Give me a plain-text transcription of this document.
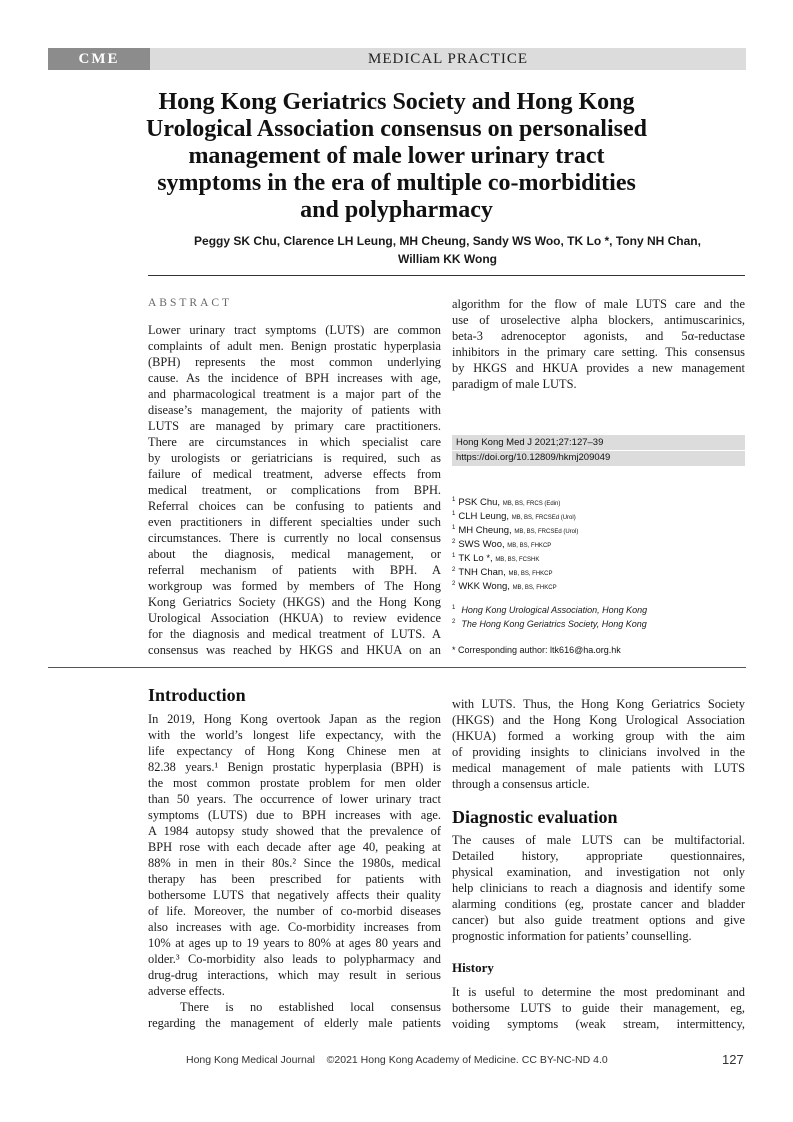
CME	MEDICAL PRACTICE
Hong Kong Geriatrics Society and Hong Kong
Urological Association consensus on personalised
management of male lower urinary tract
symptoms in the era of multiple co-morbidities
and polypharmacy
Peggy SK Chu, Clarence LH Leung, MH Cheung, Sandy WS Woo, TK Lo *, Tony NH Chan,
William KK Wong
ABSTRACT
Lower urinary tract symptoms (LUTS) are common
complaints of adult men. Benign prostatic hyperplasia
(BPH) represents the most common underlying
cause. As the incidence of BPH increases with age,
and pharmacological treatment is a major part of the
disease’s management, the majority of patients with
LUTS are managed by primary care practitioners.
There are circumstances in which specialist care
by urologists or geriatricians is required, such as
failure of medical treatment, adverse effects from
medical treatment, or complications from BPH.
Referral choices can be confusing to patients and
even practitioners in different specialties under such
circumstances. There is currently no local consensus
about the diagnosis, medical management, or
referral mechanism of patients with BPH. A
workgroup was formed by members of The Hong
Kong Geriatrics Society (HKGS) and the Hong Kong
Urological Association (HKUA) to review evidence
for the diagnosis and medical treatment of LUTS. A
consensus was reached by HKGS and HKUA on an
algorithm for the flow of male LUTS care and the
use of uroselective alpha blockers, antimuscarinics,
beta-3 adrenoceptor agonists, and 5α-reductase
inhibitors in the primary care setting. This consensus
by HKGS and HKUA provides a new management
paradigm of male LUTS.
Hong Kong Med J 2021;27:127–39
https://doi.org/10.12809/hkmj209049
$^1$ PSK Chu, MB, BS, FRCS (Edin)
$^1$ CLH Leung, MB, BS, FRCSEd (Urol)
$^1$ MH Cheung, MB, BS, FRCSEd (Urol)
$^2$ SWS Woo, MB, BS, FHKCP
$^1$ TK Lo *, MB, BS, FCSHK
$^2$ TNH Chan, MB, BS, FHKCP
$^2$ WKK Wong, MB, BS, FHKCP
$^1$ Hong Kong Urological Association, Hong Kong
$^2$ The Hong Kong Geriatrics Society, Hong Kong
* Corresponding author: ltk616@ha.org.hk
Introduction
In 2019, Hong Kong overtook Japan as the region
with the world’s longest life expectancy, with the
life expectancy of Hong Kong Chinese men at
82.38 years.¹ Benign prostatic hyperplasia (BPH) is
the most common prostate problem for men older
than 50 years. The occurrence of lower urinary tract
symptoms (LUTS) due to BPH increases with age.
A 1984 autopsy study showed that the prevalence of
BPH rose with each decade after age 40, peaking at
88% in men in their 80s.² Since the 1980s, medical
therapy has been prescribed for patients with
bothersome LUTS that negatively affects their quality
of life. Moreover, the number of co-morbid diseases
also increases with age. Co-morbidity increases from
10% at ages up to 19 years to 80% at ages 80 years and
older.³ Co-morbidity also leads to polypharmacy and
drug-drug interactions, which may result in serious
adverse effects.
There is no established local consensus
regarding the management of elderly male patients
with LUTS. Thus, the Hong Kong Geriatrics Society
(HKGS) and the Hong Kong Urological Association
(HKUA) formed a working group with the aim
of providing insights to clinicians involved in the
medical management of male patients with LUTS
through a consensus article.
Diagnostic evaluation
The causes of male LUTS can be multifactorial.
Detailed history, appropriate questionnaires,
physical examination, and investigation not only
help clinicians to reach a diagnosis and identify some
alarming conditions (eg, prostate cancer and bladder
cancer) but also guide treatment options and give
prognostic information for patients’ counselling.
History
It is useful to determine the most predominant and
bothersome LUTS to guide their management, eg,
voiding symptoms (weak stream, intermittency,
Hong Kong Medical Journal    ©2021 Hong Kong Academy of Medicine. CC BY-NC-ND 4.0	127
